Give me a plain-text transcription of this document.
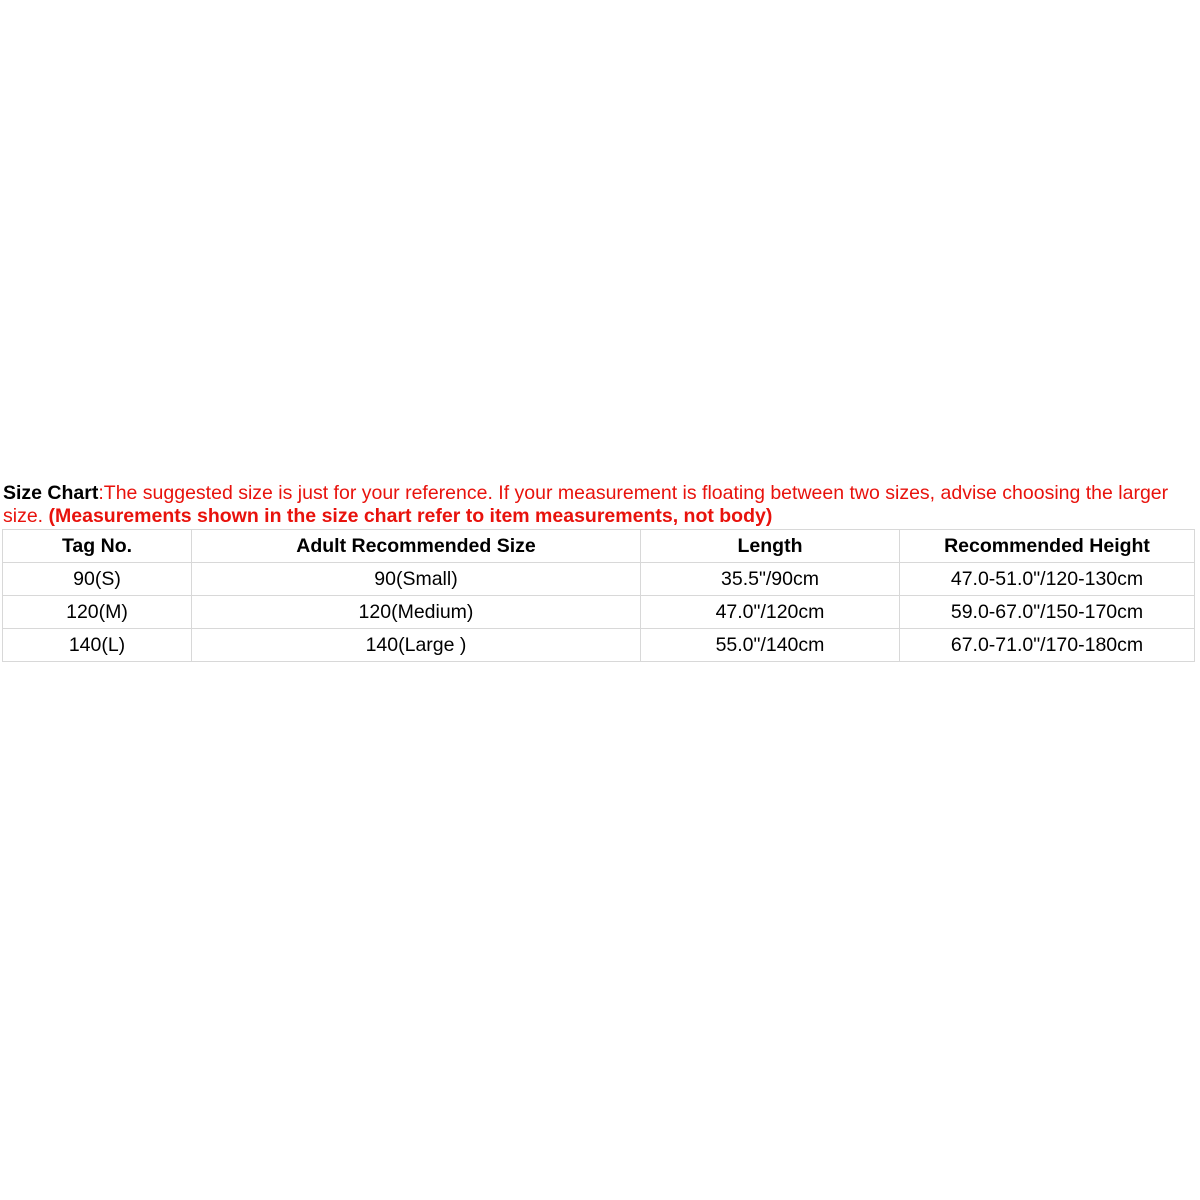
Size Chart:The suggested size is just for your reference. If your measurement is floating between two sizes, advise choosing the larger size. (Measurements shown in the size chart refer to item measurements, not body)
Tag No.	Adult Recommended Size	Length	Recommended Height
90(S)	90(Small)	35.5"/90cm	47.0-51.0"/120-130cm
120(M)	120(Medium)	47.0"/120cm	59.0-67.0"/150-170cm
140(L)	140(Large )	55.0"/140cm	67.0-71.0"/170-180cm
